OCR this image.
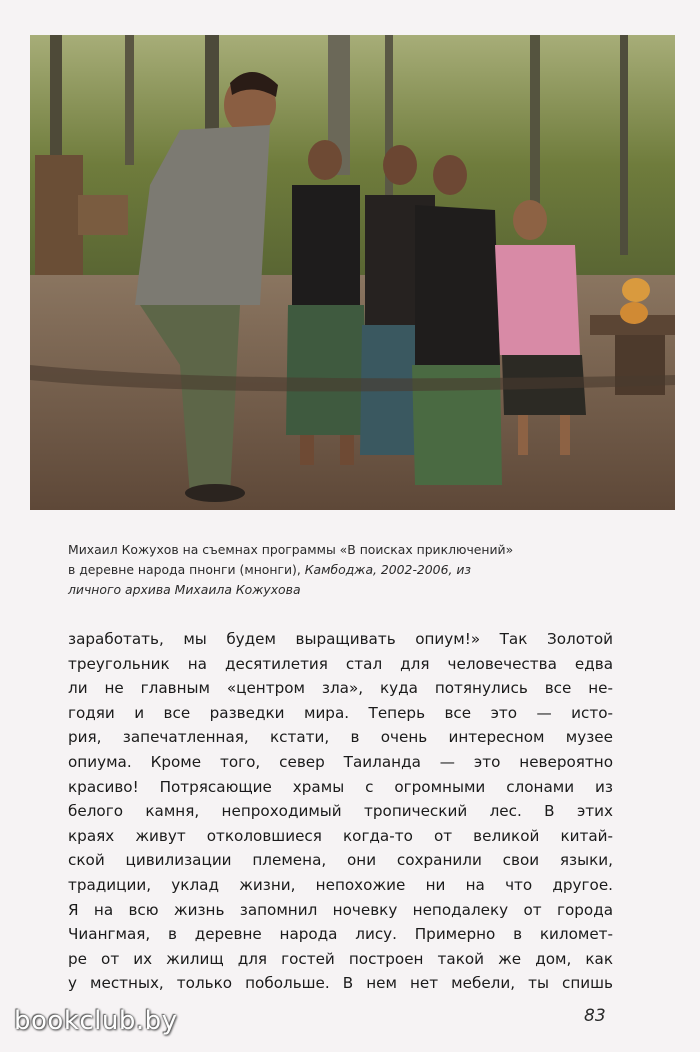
Михаил Кожухов на съемнах программы «В поисках приключений»

в деревне народа пнонги (мнонги), Камбоджа, 2002-2006, из

личного архива Михаила Кожухова

заработать, мы будем выращивать опиум!» Так Золотой
треугольник на десятилетия стал для человечества едва
ли не главным «центром зла», куда потянулись все не-
годяи и все разведки мира. Теперь все это — исто-
рия, запечатленная, кстати, в очень интересном музее
опиума. Кроме того, север Таиланда — это невероятно
красиво! Потрясающие храмы с огромными слонами из
белого камня, непроходимый тропический лес. В этих
краях живут отколовшиеся когда-то от великой китай-
ской цивилизации племена, они сохранили свои языки,
традиции, уклад жизни, непохожие ни на что другое.
Я на всю жизнь запомнил ночевку неподалеку от города
Чиангмая, в деревне народа лису. Примерно в километ-
ре от их жилищ для гостей построен такой же дом, как
у местных, только побольше. В нем нет мебели, ты спишь
bookclub.by	83
